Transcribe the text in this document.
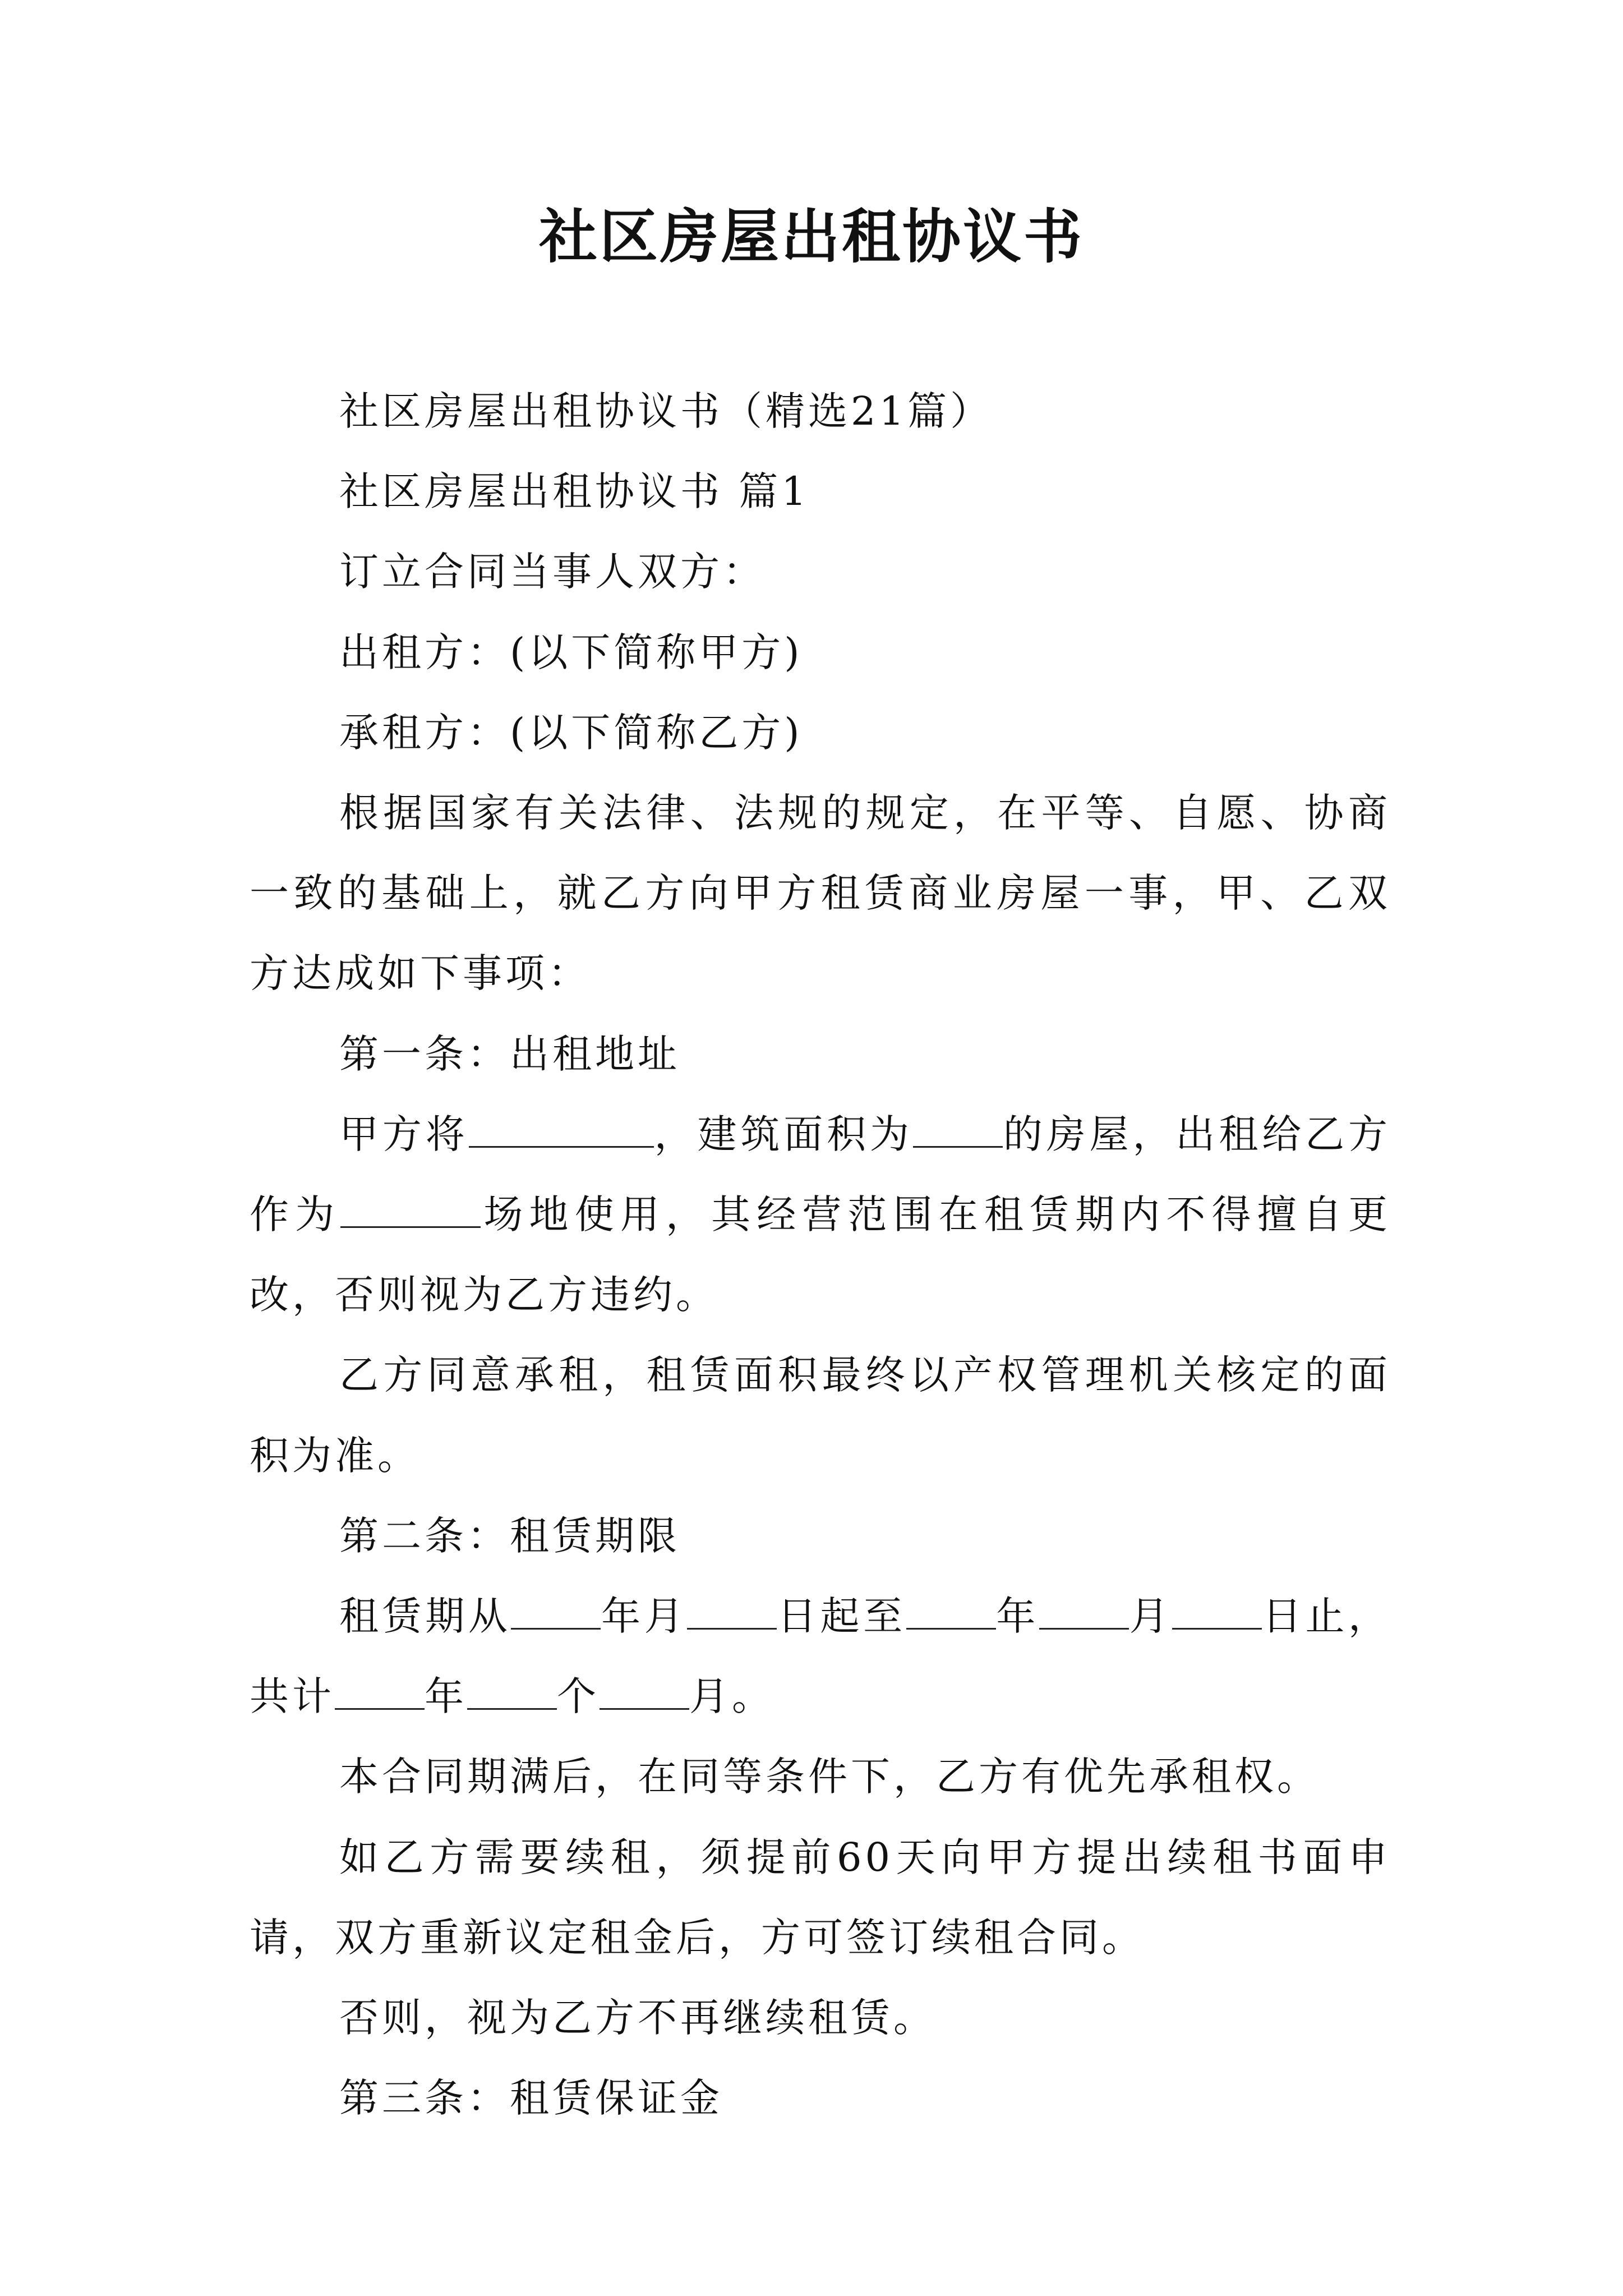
社区房屋出租协议书

社区房屋出租协议书（精选21篇）

社区房屋出租协议书 篇1

订立合同当事人双方：

出租方：(以下简称甲方)

承租方：(以下简称乙方)

根据国家有关法律、法规的规定，在平等、自愿、协商一致的基础上，就乙方向甲方租赁商业房屋一事，甲、乙双方达成如下事项：

第一条：出租地址

甲方将	，建筑面积为 的房屋，出租给乙方作为	场地使用，其经营范围在租赁期内不得擅自更改，否则视为乙方违约。

乙方同意承租，租赁面积最终以产权管理机关核定的面积为准。

第二条：租赁期限

租赁期从 年月 日起至 年 月 日止，共计 年 个 月。

本合同期满后，在同等条件下，乙方有优先承租权。

如乙方需要续租，须提前60天向甲方提出续租书面申请，双方重新议定租金后，方可签订续租合同。

否则，视为乙方不再继续租赁。

第三条：租赁保证金
